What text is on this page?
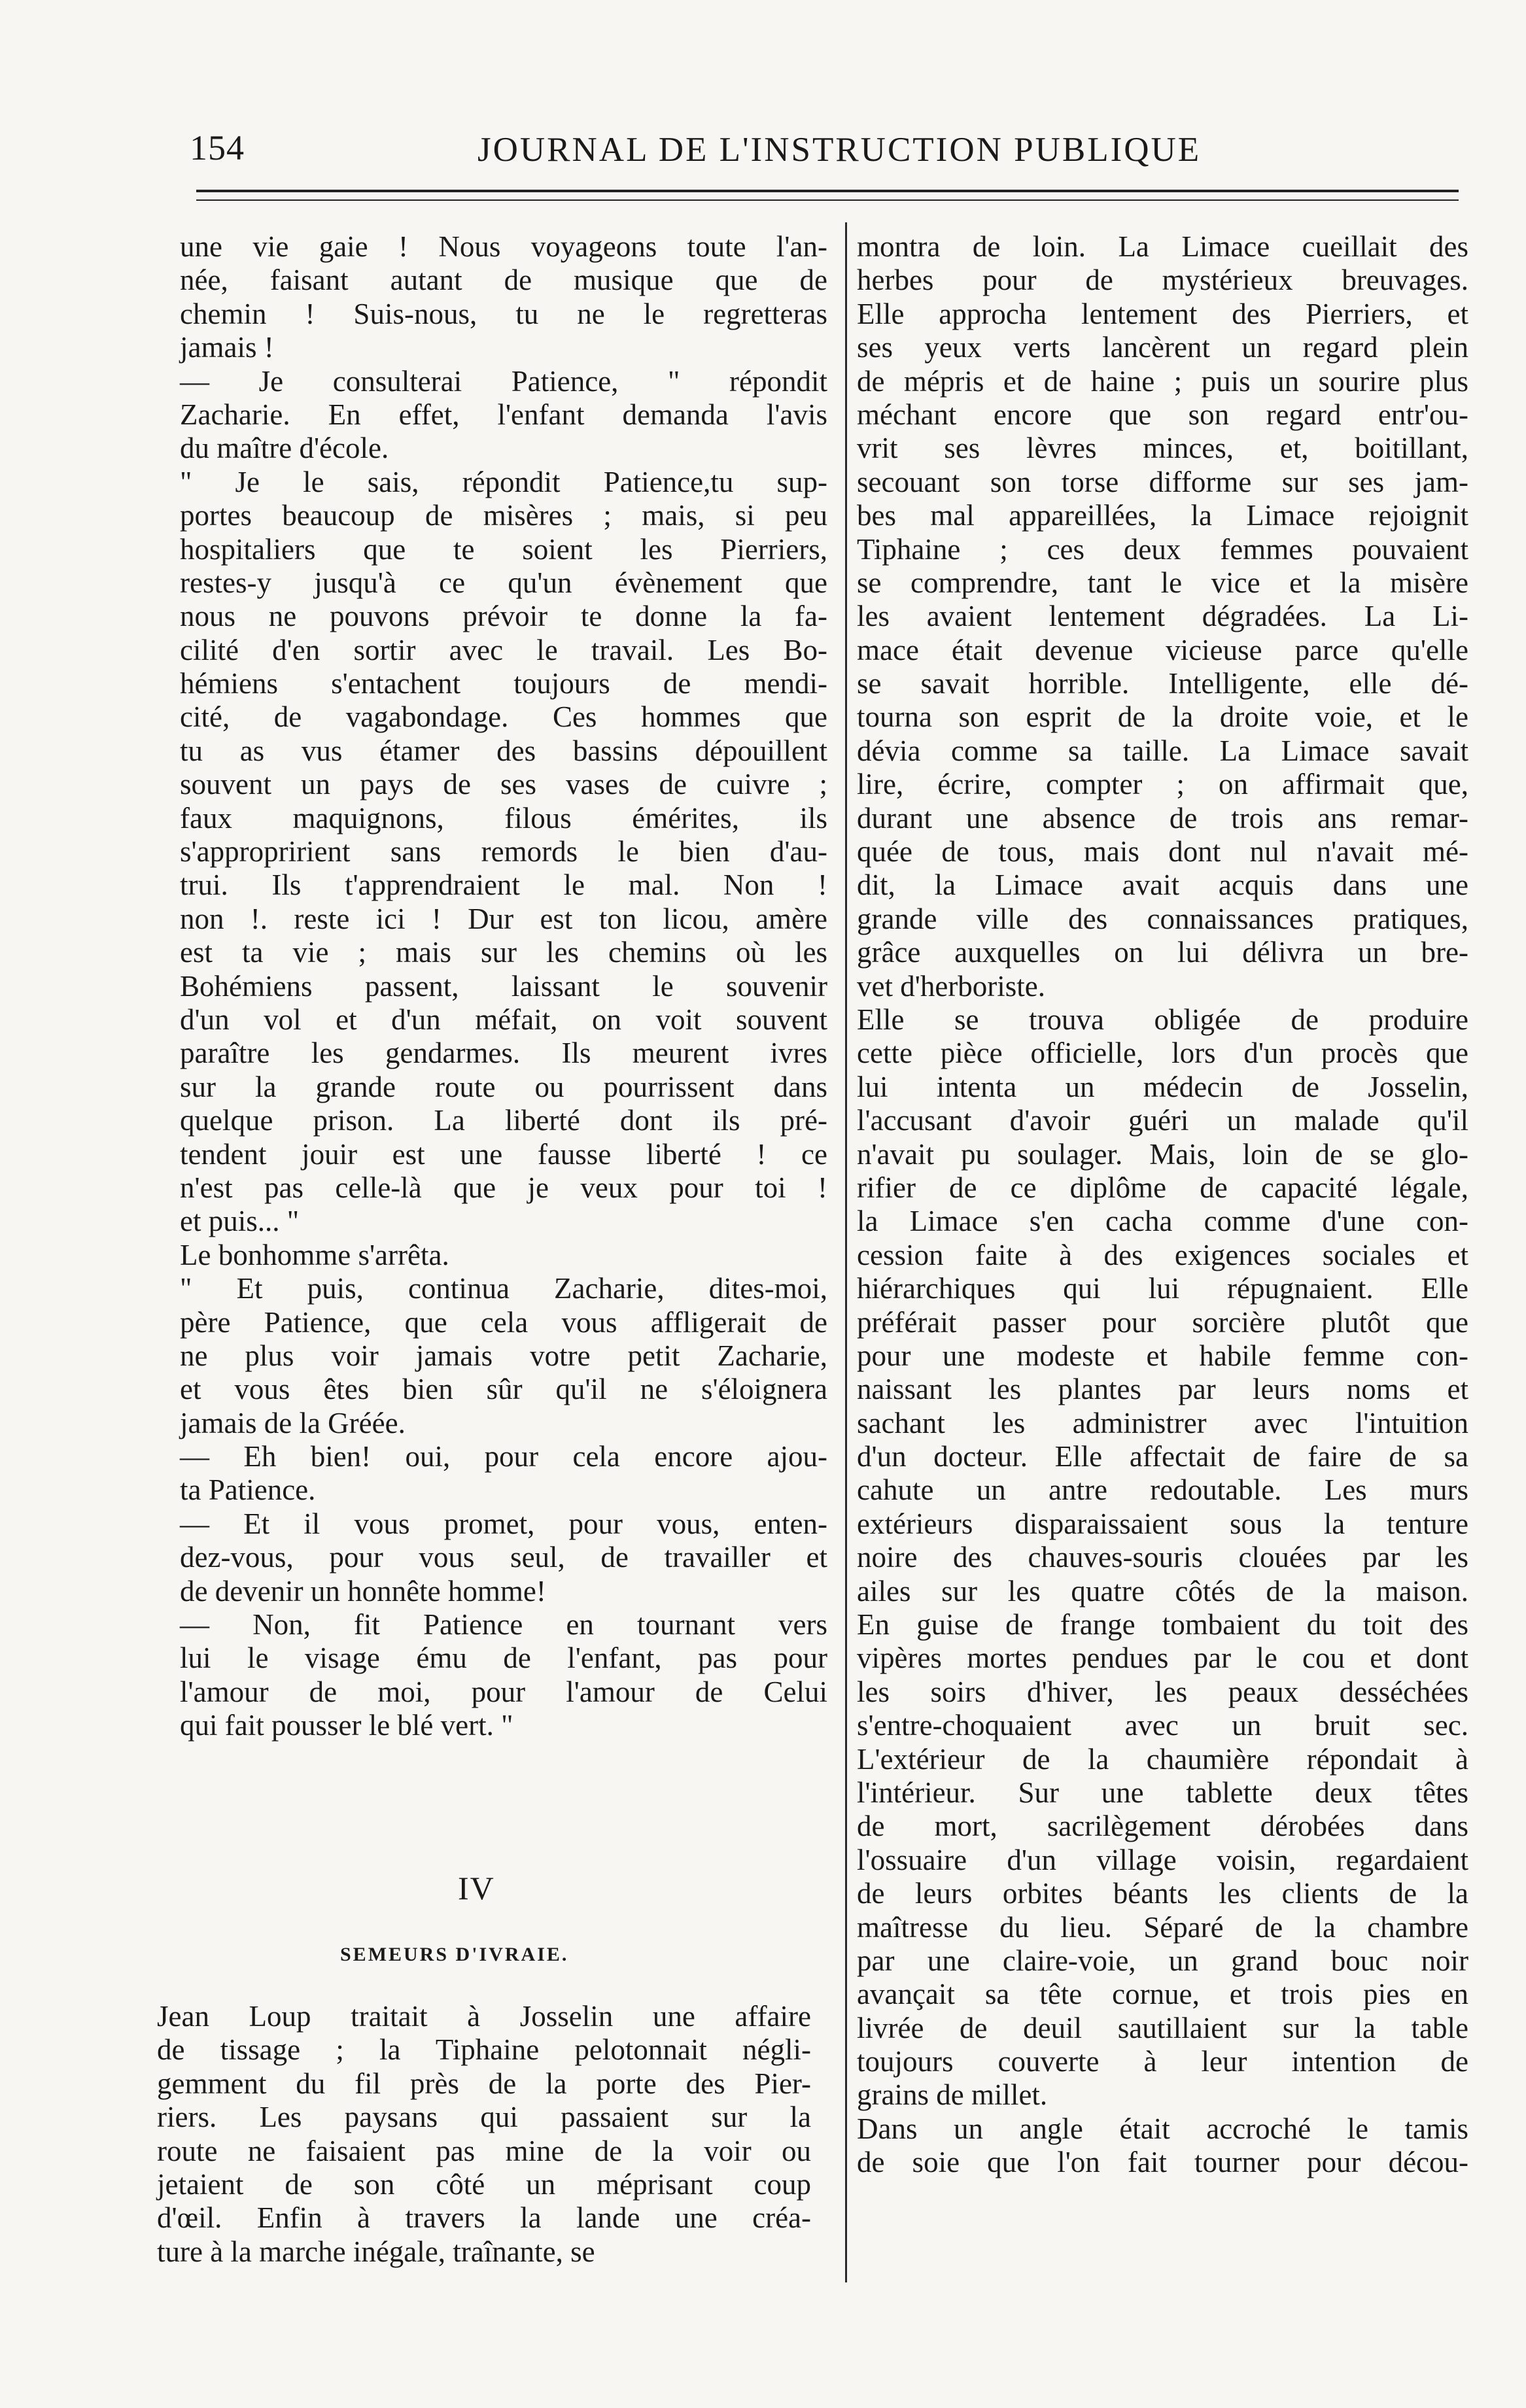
154	JOURNAL DE L'INSTRUCTION PUBLIQUE
une vie gaie ! Nous voyageons toute l'an-
née, faisant autant de musique que de
chemin ! Suis-nous, tu ne le regretteras
jamais !
— Je consulterai Patience, " répondit
Zacharie. En effet, l'enfant demanda l'avis
du maître d'école.
" Je le sais, répondit Patience,tu sup-
portes beaucoup de misères ; mais, si peu
hospitaliers que te soient les Pierriers,
restes-y jusqu'à ce qu'un évènement que
nous ne pouvons prévoir te donne la fa-
cilité d'en sortir avec le travail. Les Bo-
hémiens s'entachent toujours de mendi-
cité, de vagabondage. Ces hommes que
tu as vus étamer des bassins dépouillent
souvent un pays de ses vases de cuivre ;
faux maquignons, filous émérites, ils
s'appropririent sans remords le bien d'au-
trui. Ils t'apprendraient le mal. Non !
non !. reste ici ! Dur est ton licou, amère
est ta vie ; mais sur les chemins où les
Bohémiens passent, laissant le souvenir
d'un vol et d'un méfait, on voit souvent
paraître les gendarmes. Ils meurent ivres
sur la grande route ou pourrissent dans
quelque prison. La liberté dont ils pré-
tendent jouir est une fausse liberté ! ce
n'est pas celle-là que je veux pour toi !
et puis... "
Le bonhomme s'arrêta.
" Et puis, continua Zacharie, dites-moi,
père Patience, que cela vous affligerait de
ne plus voir jamais votre petit Zacharie,
et vous êtes bien sûr qu'il ne s'éloignera
jamais de la Gréée.
— Eh bien! oui, pour cela encore ajou-
ta Patience.
— Et il vous promet, pour vous, enten-
dez-vous, pour vous seul, de travailler et
de devenir un honnête homme!
— Non, fit Patience en tournant vers
lui le visage ému de l'enfant, pas pour
l'amour de moi, pour l'amour de Celui
qui fait pousser le blé vert. "
IV
SEMEURS D'IVRAIE.
Jean Loup traitait à Josselin une affaire
de tissage ; la Tiphaine pelotonnait négli-
gemment du fil près de la porte des Pier-
riers. Les paysans qui passaient sur la
route ne faisaient pas mine de la voir ou
jetaient de son côté un méprisant coup
d'œil. Enfin à travers la lande une créa-
ture à la marche inégale, traînante, se
montra de loin. La Limace cueillait des
herbes pour de mystérieux breuvages.
Elle approcha lentement des Pierriers, et
ses yeux verts lancèrent un regard plein
de mépris et de haine ; puis un sourire plus
méchant encore que son regard entr'ou-
vrit ses lèvres minces, et, boitillant,
secouant son torse difforme sur ses jam-
bes mal appareillées, la Limace rejoignit
Tiphaine ; ces deux femmes pouvaient
se comprendre, tant le vice et la misère
les avaient lentement dégradées. La Li-
mace était devenue vicieuse parce qu'elle
se savait horrible. Intelligente, elle dé-
tourna son esprit de la droite voie, et le
dévia comme sa taille. La Limace savait
lire, écrire, compter ; on affirmait que,
durant une absence de trois ans remar-
quée de tous, mais dont nul n'avait mé-
dit, la Limace avait acquis dans une
grande ville des connaissances pratiques,
grâce auxquelles on lui délivra un bre-
vet d'herboriste.
Elle se trouva obligée de produire
cette pièce officielle, lors d'un procès que
lui intenta un médecin de Josselin,
l'accusant d'avoir guéri un malade qu'il
n'avait pu soulager. Mais, loin de se glo-
rifier de ce diplôme de capacité légale,
la Limace s'en cacha comme d'une con-
cession faite à des exigences sociales et
hiérarchiques qui lui répugnaient. Elle
préférait passer pour sorcière plutôt que
pour une modeste et habile femme con-
naissant les plantes par leurs noms et
sachant les administrer avec l'intuition
d'un docteur. Elle affectait de faire de sa
cahute un antre redoutable. Les murs
extérieurs disparaissaient sous la tenture
noire des chauves-souris clouées par les
ailes sur les quatre côtés de la maison.
En guise de frange tombaient du toit des
vipères mortes pendues par le cou et dont
les soirs d'hiver, les peaux desséchées
s'entre-choquaient avec un bruit sec.
L'extérieur de la chaumière répondait à
l'intérieur. Sur une tablette deux têtes
de mort, sacrilègement dérobées dans
l'ossuaire d'un village voisin, regardaient
de leurs orbites béants les clients de la
maîtresse du lieu. Séparé de la chambre
par une claire-voie, un grand bouc noir
avançait sa tête cornue, et trois pies en
livrée de deuil sautillaient sur la table
toujours couverte à leur intention de
grains de millet.
Dans un angle était accroché le tamis
de soie que l'on fait tourner pour décou-
